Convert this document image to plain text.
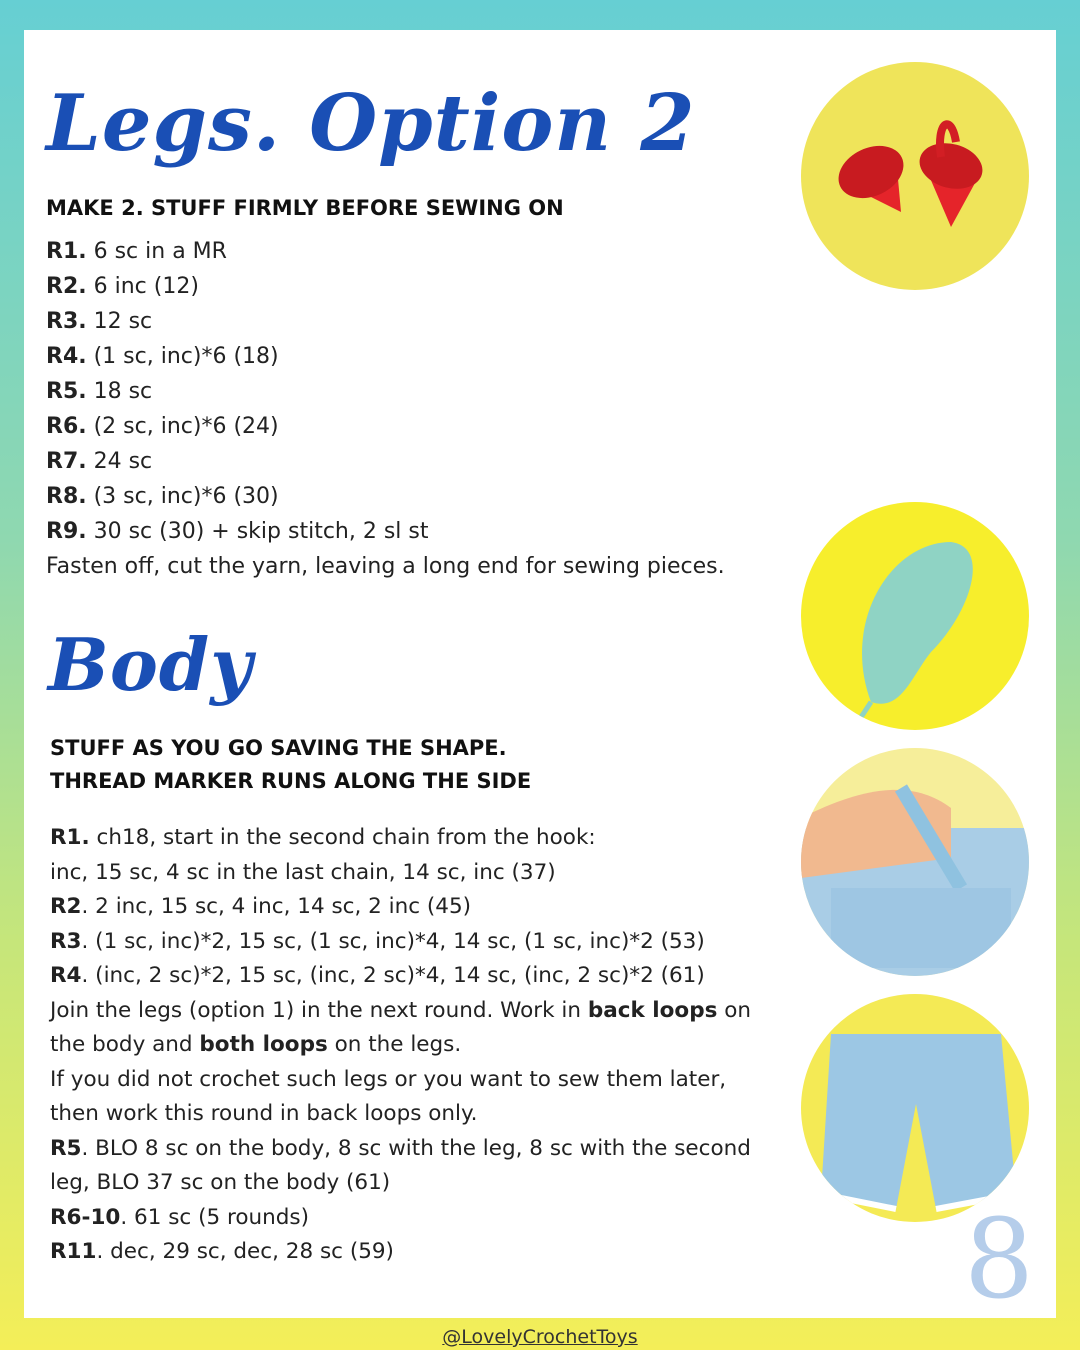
Legs. Option 2

MAKE 2. STUFF FIRMLY BEFORE SEWING ON

R1. 6 sc in a MR
R2. 6 inc (12)
R3. 12 sc
R4. (1 sc, inc)*6 (18)
R5. 18 sc
R6. (2 sc, inc)*6 (24)
R7. 24 sc
R8. (3 sc, inc)*6 (30)
R9. 30 sc (30) + skip stitch, 2 sl st
Fasten off, cut the yarn, leaving a long end for sewing pieces.
Body

STUFF AS YOU GO SAVING THE SHAPE.

THREAD MARKER RUNS ALONG THE SIDE

R1. ch18, start in the second chain from the hook:
inc, 15 sc, 4 sc in the last chain, 14 sc, inc (37)
R2. 2 inc, 15 sc, 4 inc, 14 sc, 2 inc (45)
R3. (1 sc, inc)*2, 15 sc, (1 sc, inc)*4, 14 sc, (1 sc, inc)*2 (53)
R4. (inc, 2 sc)*2, 15 sc, (inc, 2 sc)*4, 14 sc, (inc, 2 sc)*2 (61)
Join the legs (option 1) in the next round. Work in back loops on
the body and both loops on the legs.
If you did not crochet such legs or you want to sew them later,
then work this round in back loops only.
R5. BLO 8 sc on the body, 8 sc with the leg, 8 sc with the second
leg, BLO 37 sc on the body (61)
R6-10. 61 sc (5 rounds)
R11. dec, 29 sc, dec, 28 sc (59)	8
@LovelyCrochetToys
